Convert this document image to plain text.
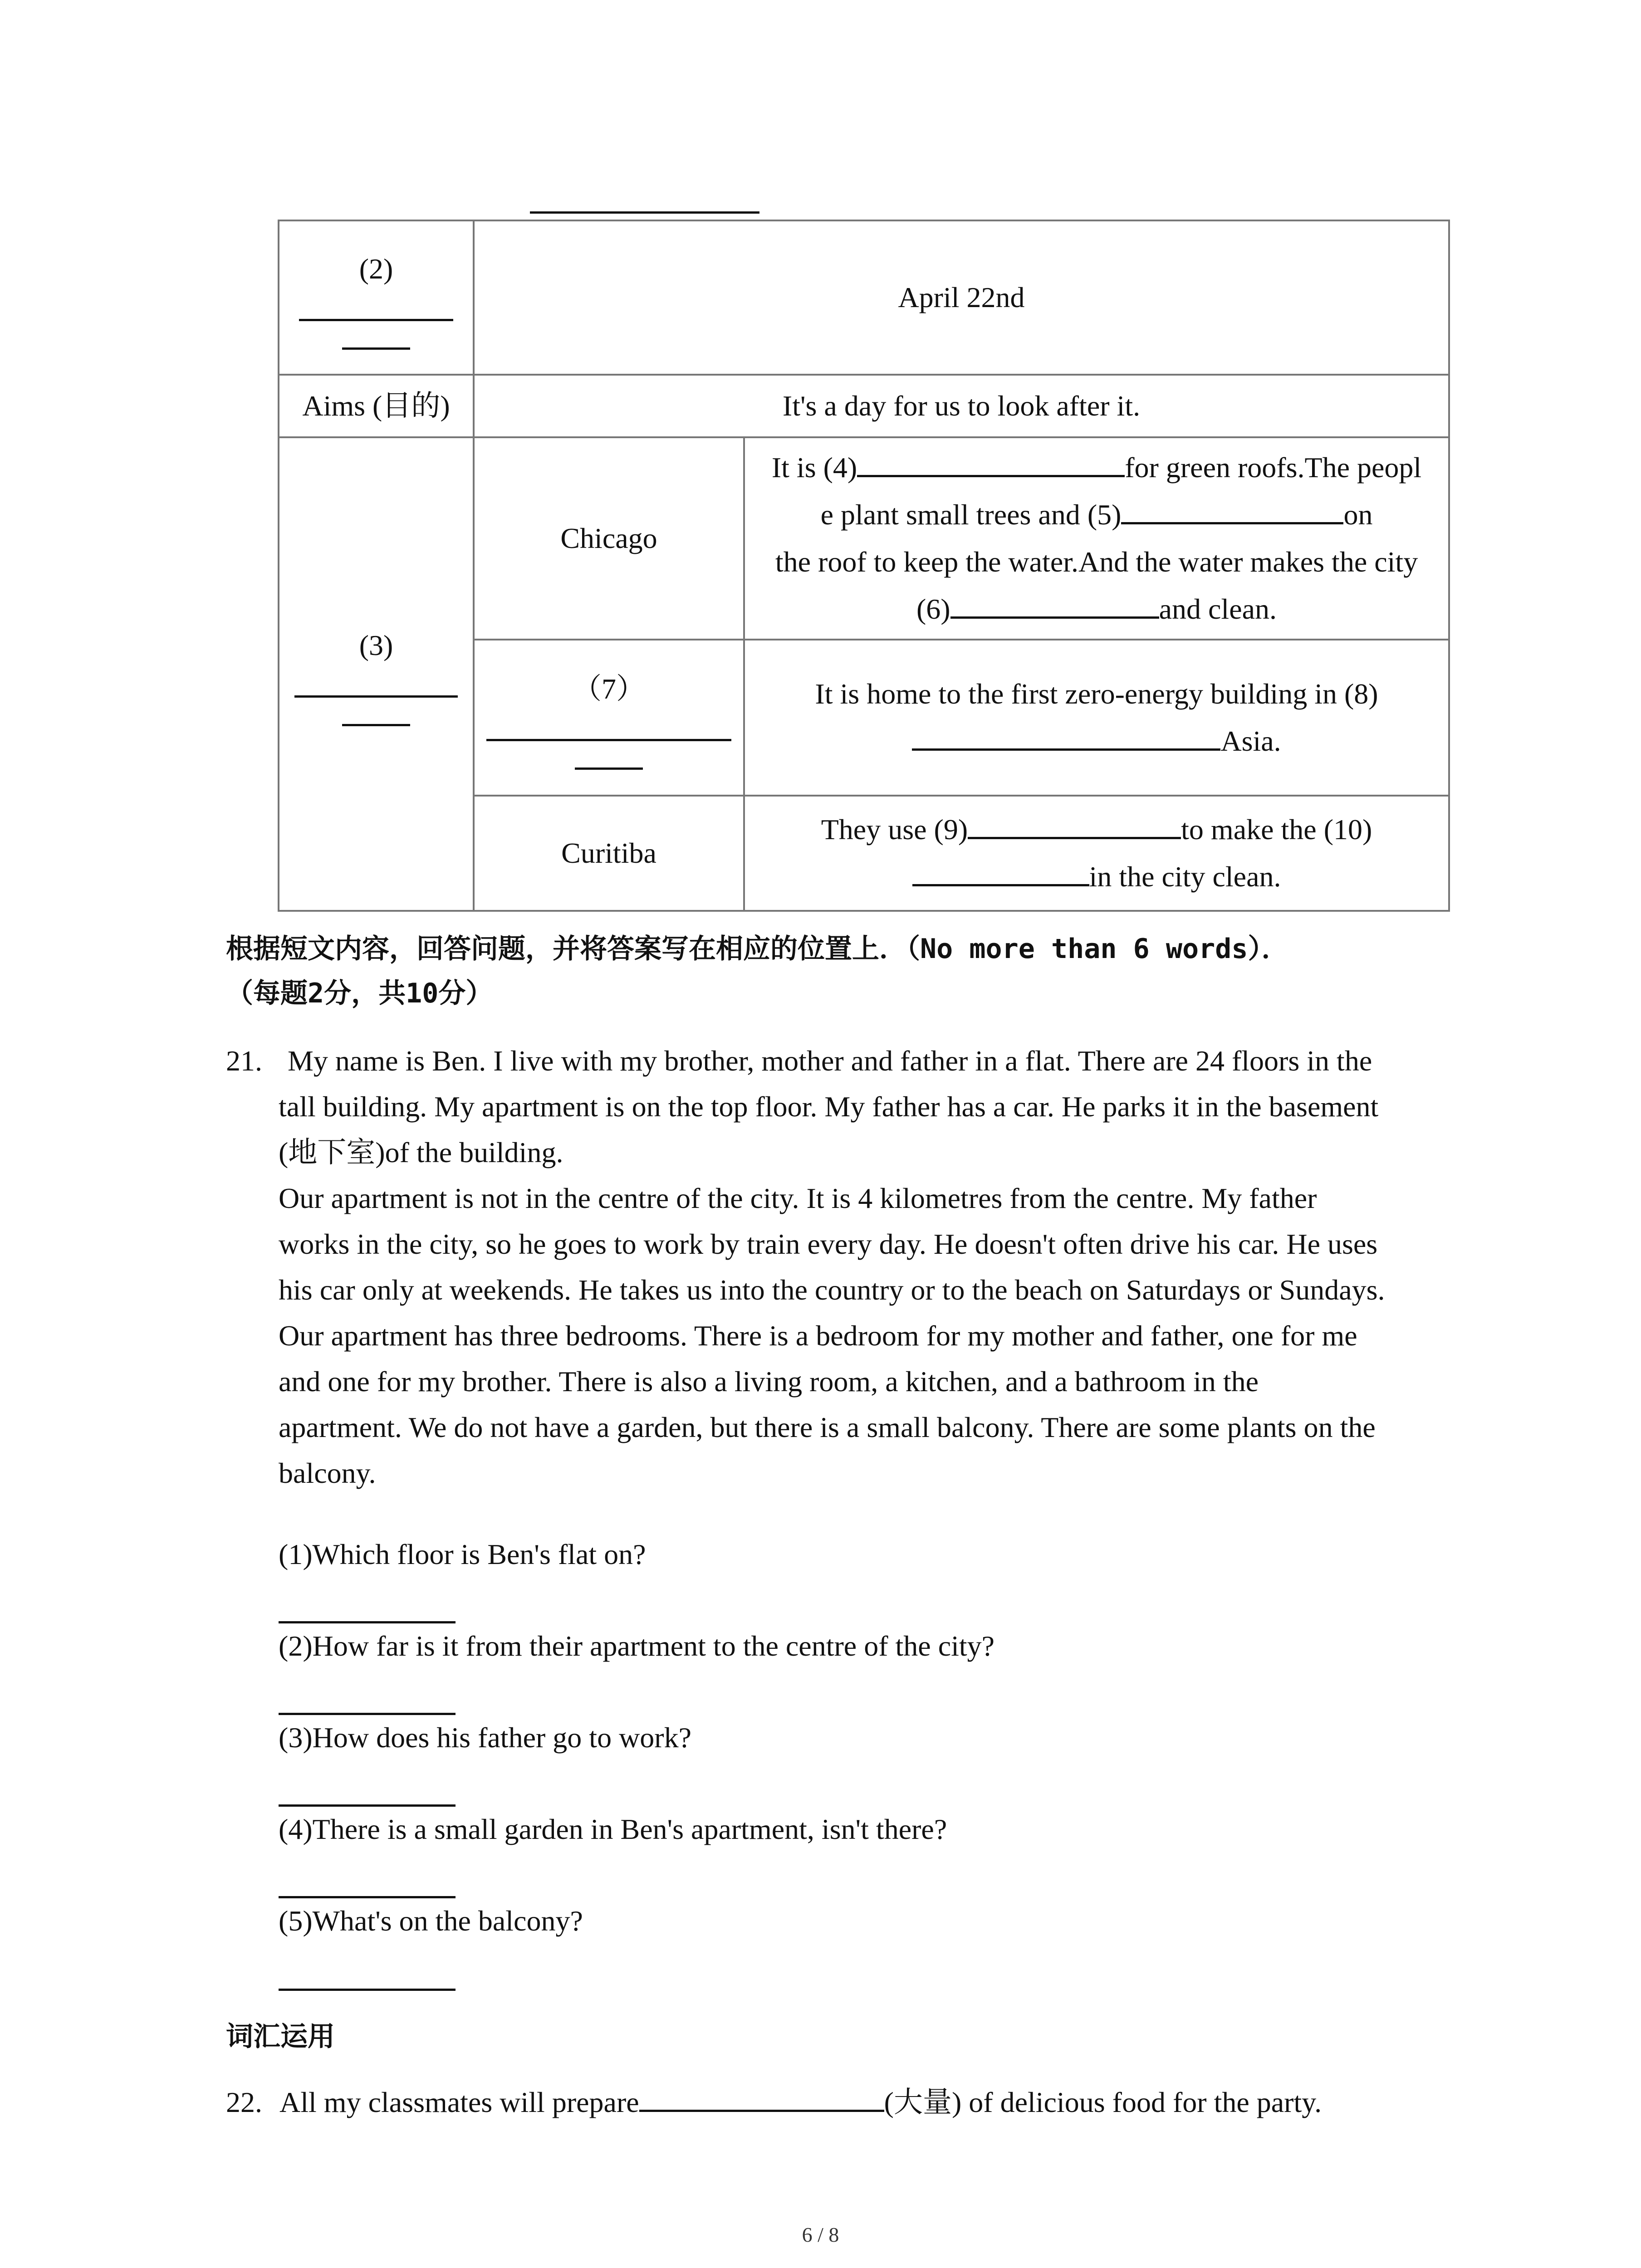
(2)	April 22nd	
Aims (目的)	It's a day for us to look after it.	

(3)	Chicago	It is (4) for green roofs.The peopl
e plant small trees and (5) on
the roof to keep the water.And the water makes the city
(6) and clean.

	（7）	It is home to the first zero-energy building in (8)
Asia.

	Curitiba	They use (9) to make the (10)
in the city clean.
根据短文内容，回答问题，并将答案写在相应的位置上．（No more than 6 words）．
（每题2分，共10分）
21. My name is Ben. I live with my brother, mother and father in a flat. There are 24 floors in the

tall building. My apartment is on the top floor. My father has a car. He parks it in the basement

(地下室)of the building.

Our apartment is not in the centre of the city. It is 4 kilometres from the centre. My father

works in the city, so he goes to work by train every day. He doesn't often drive his car. He uses

his car only at weekends. He takes us into the country or to the beach on Saturdays or Sundays.

Our apartment has three bedrooms. There is a bedroom for my mother and father, one for me

and one for my brother. There is also a living room, a kitchen, and a bathroom in the

apartment. We do not have a garden, but there is a small balcony. There are some plants on the

balcony.

(1)Which floor is Ben's flat on?
(2)How far is it from their apartment to the centre of the city?
(3)How does his father go to work?
(4)There is a small garden in Ben's apartment, isn't there?
(5)What's on the balcony?
词汇运用
22. All my classmates will prepare	(大量) of delicious food for the party.
6 / 8
